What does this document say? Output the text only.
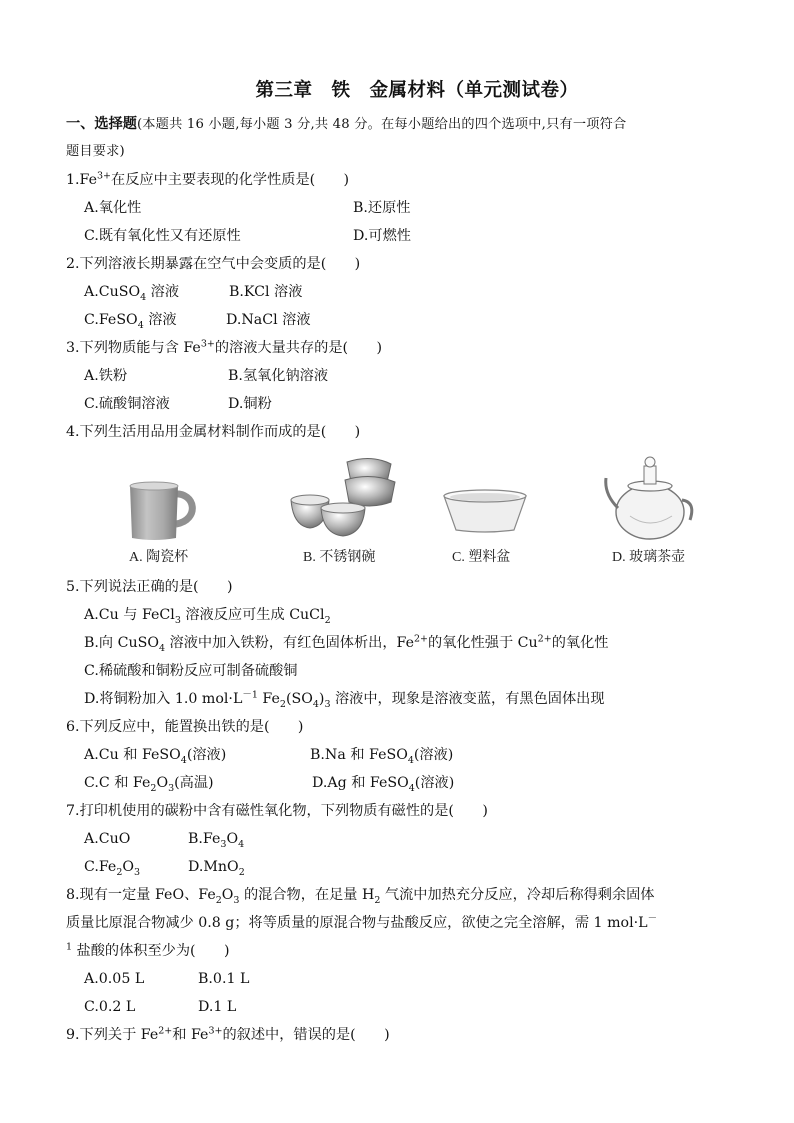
第三章　铁　金属材料（单元测试卷）
一、选择题(本题共 16 小题,每小题 3 分,共 48 分。在每小题给出的四个选项中,只有一项符合
题目要求)
$1.Fe^{3+}$在反应中主要表现的化学性质是(　　)
A.氧化性	B.还原性
C.既有氧化性又有还原性	D.可燃性
2.下列溶液长期暴露在空气中会变质的是(　　)
A.CuSO$_4$ 溶液	B.KCl 溶液
C.FeSO$_4$ 溶液	D.NaCl 溶液
3.下列物质能与含 $Fe^{3+}$的溶液大量共存的是(　　)
A.铁粉	B.氢氧化钠溶液
C.硫酸铜溶液	D.铜粉
4.下列生活用品用金属材料制作而成的是(　　)
A. 陶瓷杯	B. 不锈钢碗	C. 塑料盆	D. 玻璃茶壶
5.下列说法正确的是(　　)
A.Cu 与 FeCl$_3$ 溶液反应可生成 CuCl$_2$
B.向 CuSO$_4$ 溶液中加入铁粉，有红色固体析出，$Fe^{2+}$的氧化性强于 $Cu^{2+}$的氧化性
C.稀硫酸和铜粉反应可制备硫酸铜
D.将铜粉加入 1.0 $mol\cdot L^{-1}$ $Fe_2(SO_4)_3$ 溶液中，现象是溶液变蓝，有黑色固体出现
6.下列反应中，能置换出铁的是(　　)
A.Cu 和 FeSO$_4$(溶液)	B.Na 和 FeSO$_4$(溶液)
C.C 和 $Fe_2O_3$(高温)	D.Ag 和 FeSO$_4$(溶液)
7.打印机使用的碳粉中含有磁性氧化物，下列物质有磁性的是(　　)
A.CuO	$B.Fe_3O_4$
$C.Fe_2O_3$	D.MnO$_2$
8.现有一定量 FeO、$Fe_2O_3$ 的混合物，在足量 $H_2$ 气流中加热充分反应，冷却后称得剩余固体
质量比原混合物减少 0.8 g；将等质量的原混合物与盐酸反应，欲使之完全溶解，需 1 mol·L－
$^1$ 盐酸的体积至少为(　　)
A.0.05 L	B.0.1 L
C.0.2 L	D.1 L
9.下列关于 $Fe^{2+}$和 $Fe^{3+}$的叙述中，错误的是(　　)
